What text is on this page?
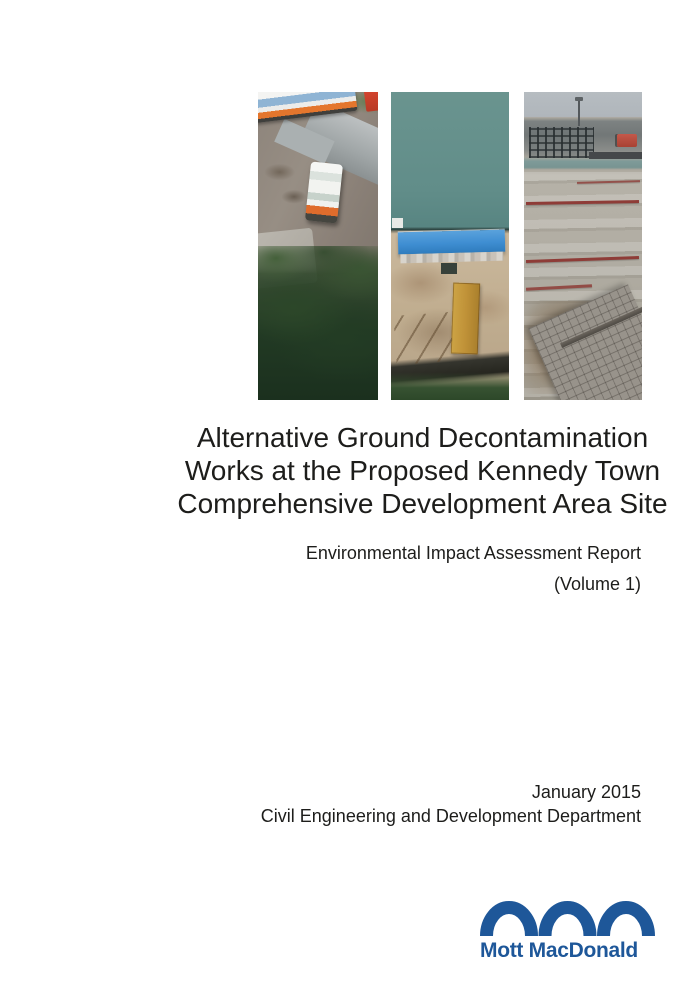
Alternative Ground Decontamination
Works at the Proposed Kennedy Town
Comprehensive Development Area Site
Environmental Impact Assessment Report
(Volume 1)
January 2015
Civil Engineering and Development Department
Mott MacDonald
